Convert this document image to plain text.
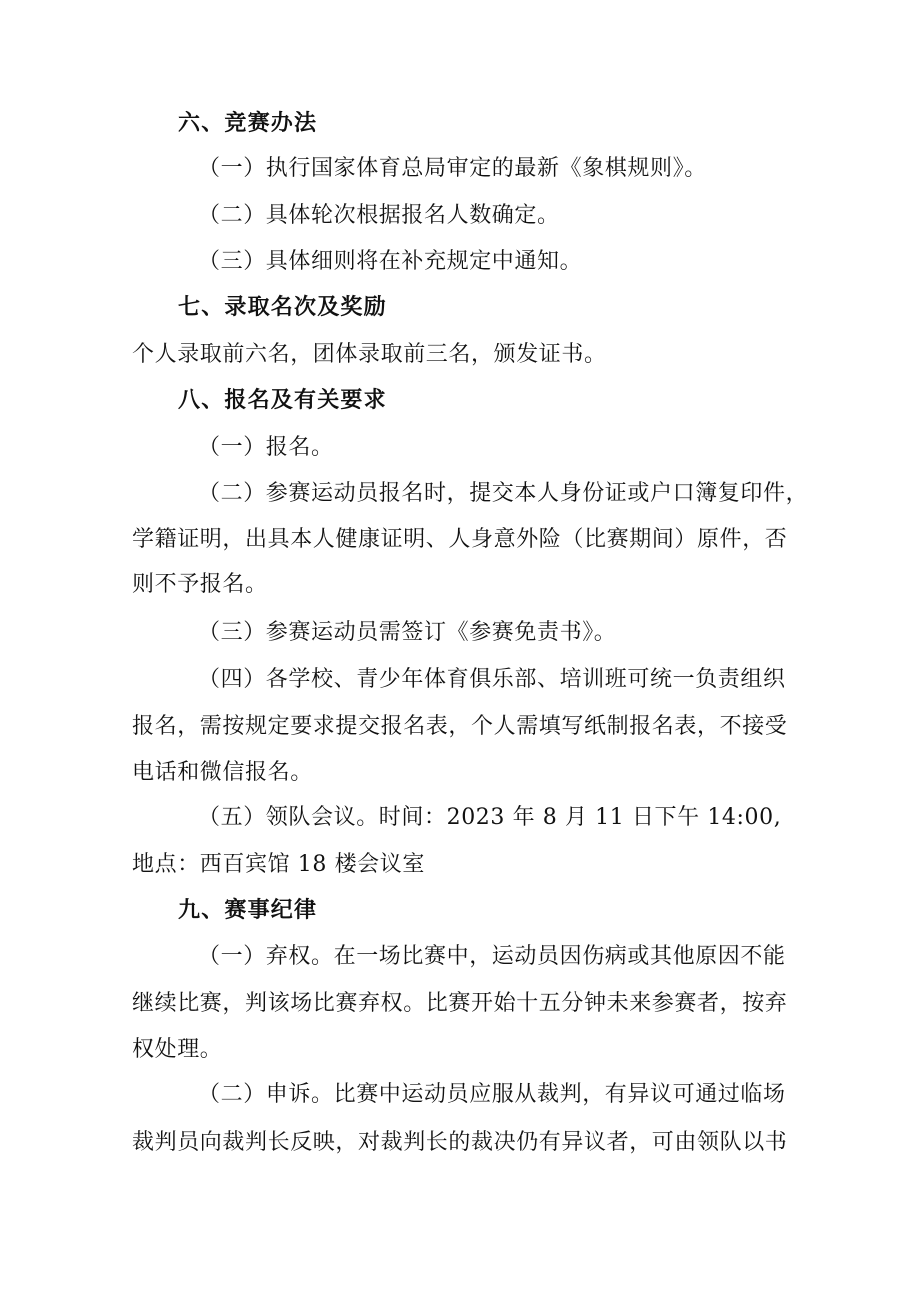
六、竞赛办法
（一）执行国家体育总局审定的最新《象棋规则》。
（二）具体轮次根据报名人数确定。
（三）具体细则将在补充规定中通知。
七、录取名次及奖励
个人录取前六名，团体录取前三名，颁发证书。
八、报名及有关要求
（一）报名。
（二）参赛运动员报名时，提交本人身份证或户口簿复印件，
学籍证明，出具本人健康证明、人身意外险（比赛期间）原件，否
则不予报名。
（三）参赛运动员需签订《参赛免责书》。
（四）各学校、青少年体育俱乐部、培训班可统一负责组织
报名，需按规定要求提交报名表，个人需填写纸制报名表，不接受
电话和微信报名。
（五）领队会议。时间：2023 年 8 月 11 日下午 14:00,
地点：西百宾馆 18 楼会议室
九、赛事纪律
（一）弃权。在一场比赛中，运动员因伤病或其他原因不能
继续比赛，判该场比赛弃权。比赛开始十五分钟未来参赛者，按弃
权处理。
（二）申诉。比赛中运动员应服从裁判，有异议可通过临场
裁判员向裁判长反映，对裁判长的裁决仍有异议者，可由领队以书
